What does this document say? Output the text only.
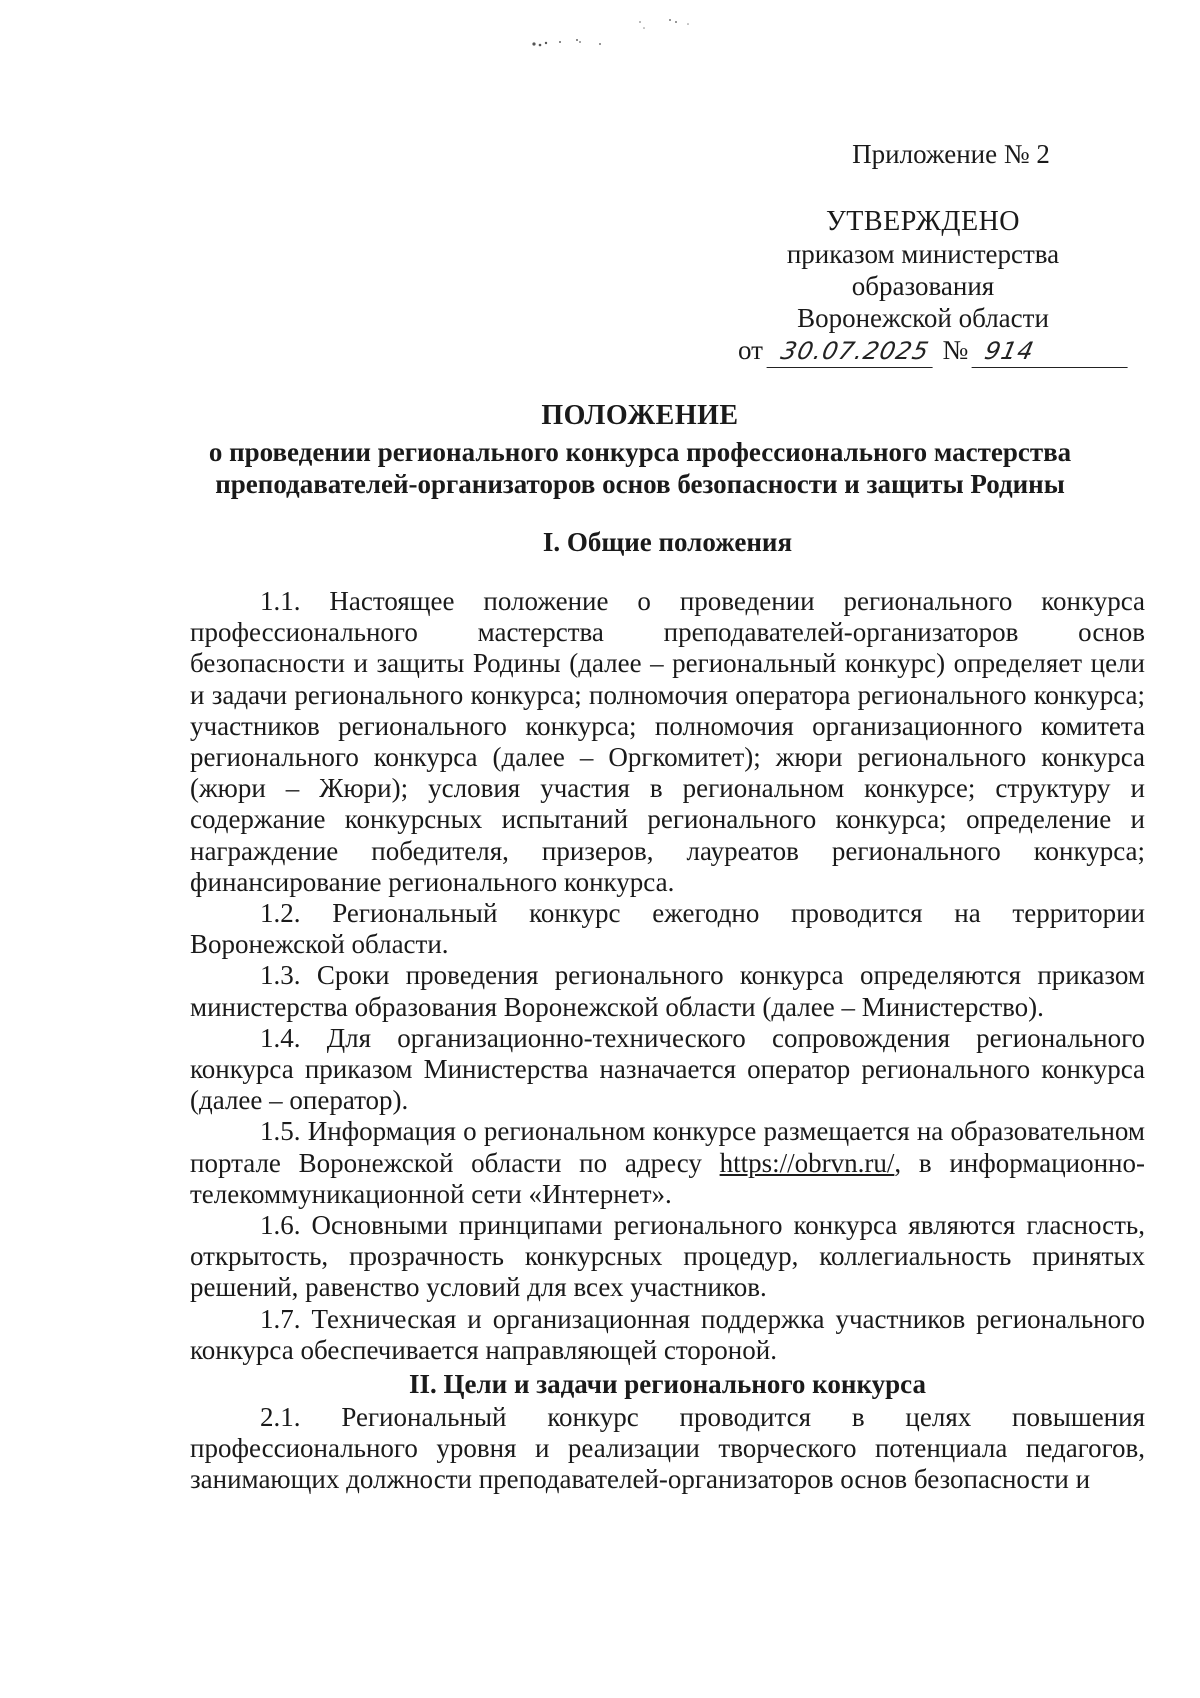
Приложение № 2
УТВЕРЖДЕНО
приказом министерства
образования
Воронежской области
от 30.07.2025 № 914
ПОЛОЖЕНИЕ
о проведении регионального конкурса профессионального мастерства
преподавателей-организаторов основ безопасности и защиты Родины
I. Общие положения

1.1. Настоящее положение о проведении регионального конкурса профессионального мастерства преподавателей-организаторов основ безопасности и защиты Родины (далее – региональный конкурс) определяет цели и задачи регионального конкурса; полномочия оператора регионального конкурса; участников регионального конкурса; полномочия организационного комитета регионального конкурса (далее – Оргкомитет); жюри регионального конкурса (жюри – Жюри); условия участия в региональном конкурсе; структуру и содержание конкурсных испытаний регионального конкурса; определение и награждение победителя, призеров, лауреатов регионального конкурса; финансирование регионального конкурса.

1.2. Региональный конкурс ежегодно проводится на территории Воронежской области.

1.3. Сроки проведения регионального конкурса определяются приказом министерства образования Воронежской области (далее – Министерство).

1.4. Для организационно-технического сопровождения регионального конкурса приказом Министерства назначается оператор регионального конкурса (далее – оператор).

1.5. Информация о региональном конкурсе размещается на образовательном портале Воронежской области по адресу https://obrvn.ru/, в информационно-телекоммуникационной сети «Интернет».

1.6. Основными принципами регионального конкурса являются гласность, открытость, прозрачность конкурсных процедур, коллегиальность принятых решений, равенство условий для всех участников.

1.7. Техническая и организационная поддержка участников регионального конкурса обеспечивается направляющей стороной.

II. Цели и задачи регионального конкурса

2.1. Региональный конкурс проводится в целях повышения профессионального уровня и реализации творческого потенциала педагогов, занимающих должности преподавателей-организаторов основ безопасности и
